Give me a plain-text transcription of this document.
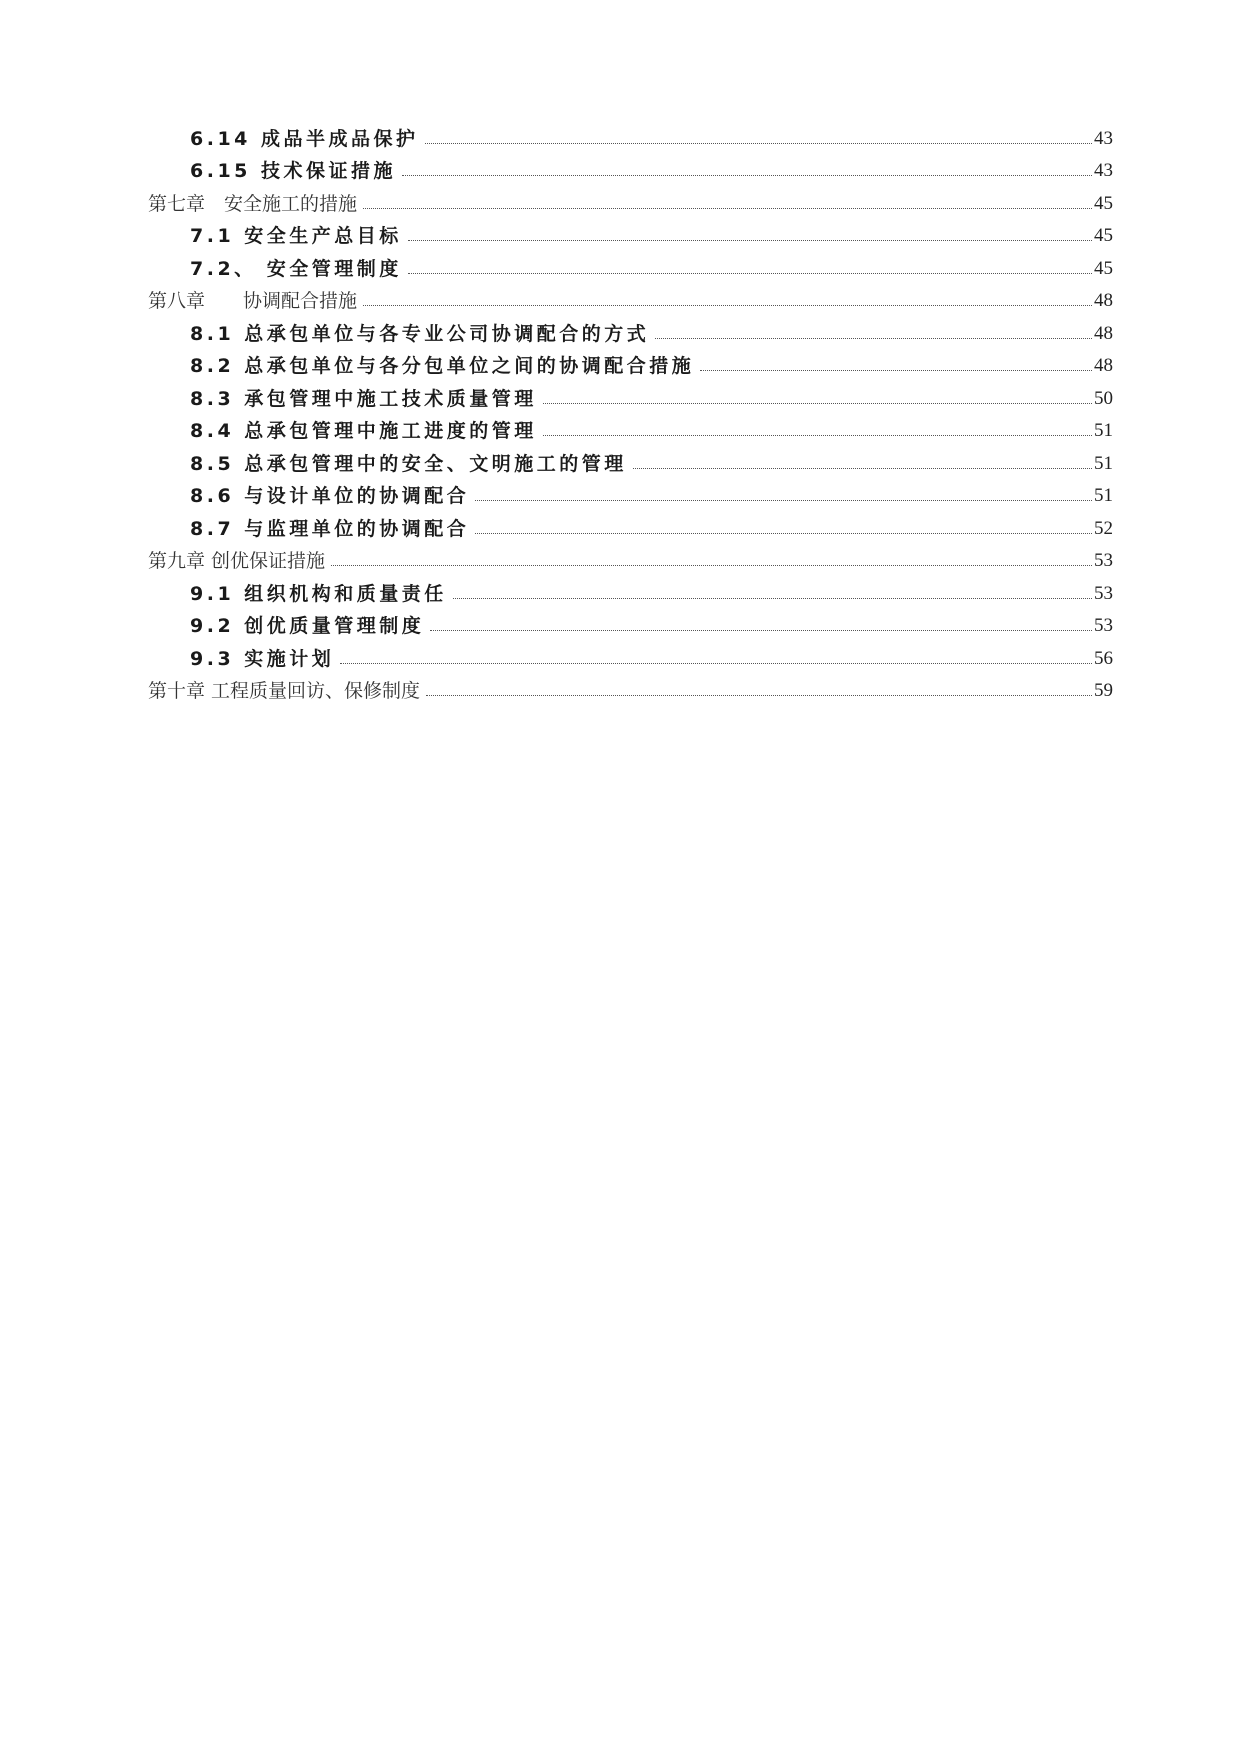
6.14 成品半成品保护	43
6.15 技术保证措施	43
第七章　安全施工的措施	45
7.1 安全生产总目标	45
7.2、 安全管理制度	45
第八章　　协调配合措施	48
8.1 总承包单位与各专业公司协调配合的方式	48
8.2 总承包单位与各分包单位之间的协调配合措施	48
8.3 承包管理中施工技术质量管理	50
8.4 总承包管理中施工进度的管理	51
8.5 总承包管理中的安全、文明施工的管理	51
8.6 与设计单位的协调配合	51
8.7 与监理单位的协调配合	52
第九章 创优保证措施	53
9.1 组织机构和质量责任	53
9.2 创优质量管理制度	53
9.3 实施计划	56
第十章 工程质量回访、保修制度	59
